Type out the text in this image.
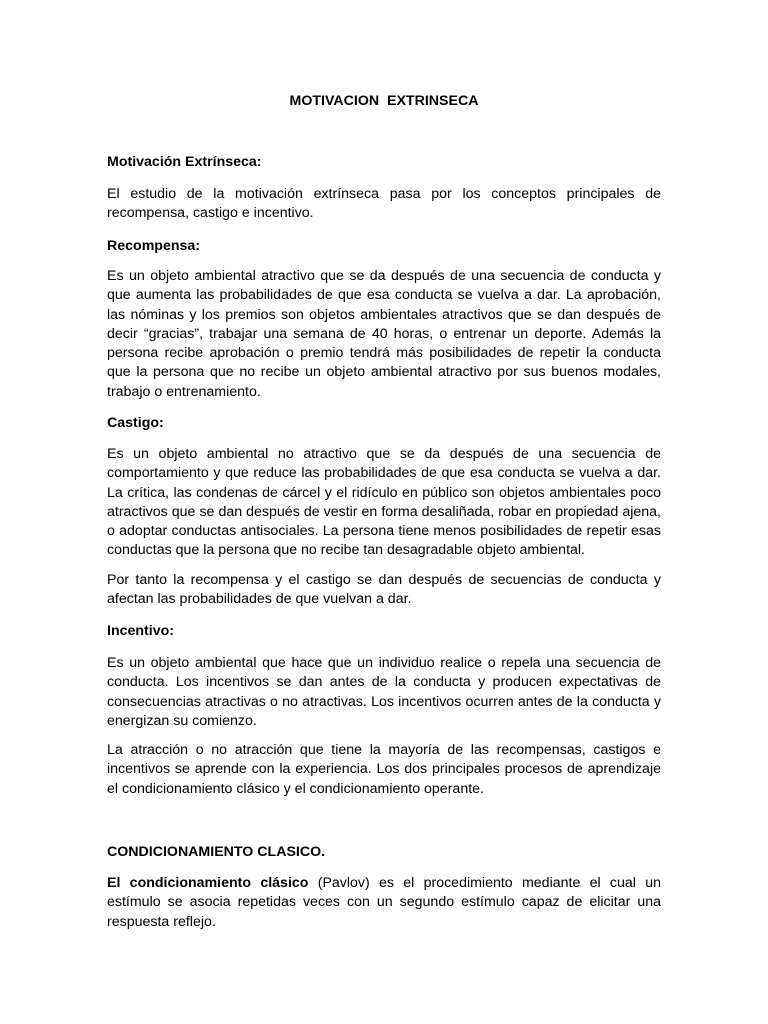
MOTIVACION  EXTRINSECA
Motivación Extrínseca:
El estudio de la motivación extrínseca pasa por los conceptos principales de recompensa, castigo e incentivo.
Recompensa:
Es un objeto ambiental atractivo que se da después de una secuencia de conducta y que aumenta las probabilidades de que esa conducta se vuelva a dar. La aprobación, las nóminas y los premios son objetos ambientales atractivos que se dan después de decir “gracias”, trabajar una semana de 40 horas, o entrenar un deporte. Además la persona recibe aprobación o premio tendrá más posibilidades de repetir la conducta que la persona que no recibe un objeto ambiental atractivo por sus buenos modales, trabajo o entrenamiento.
Castigo:
Es un objeto ambiental no atractivo que se da después de una secuencia de comportamiento y que reduce las probabilidades de que esa conducta se vuelva a dar. La crítica, las condenas de cárcel y el ridículo en público son objetos ambientales poco atractivos que se dan después de vestir en forma desaliñada, robar en propiedad ajena, o adoptar conductas antisociales. La persona tiene menos posibilidades de repetir esas conductas que la persona que no recibe tan desagradable objeto ambiental.
Por tanto la recompensa y el castigo se dan después de secuencias de conducta y afectan las probabilidades de que vuelvan a dar.
Incentivo:
Es un objeto ambiental que hace que un individuo realice o repela una secuencia de conducta. Los incentivos se dan antes de la conducta y producen expectativas de consecuencias atractivas o no atractivas. Los incentivos ocurren antes de la conducta y energizan su comienzo.
La atracción o no atracción que tiene la mayoría de las recompensas, castigos e incentivos se aprende con la experiencia. Los dos principales procesos de aprendizaje el condicionamiento clásico y el condicionamiento operante.
CONDICIONAMIENTO CLASICO.
El condicionamiento clásico (Pavlov) es el procedimiento mediante el cual un estímulo se asocia repetidas veces con un segundo estímulo capaz de elicitar una respuesta reflejo.
